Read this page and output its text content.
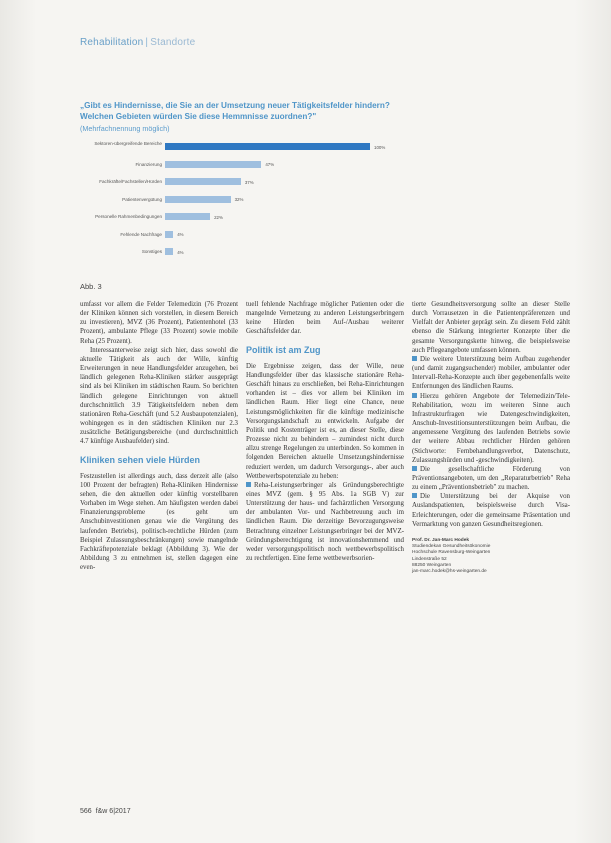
Rehabilitation | Standorte
„Gibt es Hindernisse, die Sie an der Umsetzung neuer Tätigkeitsfelder hindern? Welchen Gebieten würden Sie diese Hemmnisse zuordnen?"
(Mehrfachnennung möglich)
Sektoren-übergreifende Bereiche
100%
Finanzierung	47%
Fachkräfte/Fachstellen/Hürden	37%
Patientenvergütung	32%
Personelle Rahmenbedingungen	22%
Fehlende Nachfrage	4%
Sonstiges	4%
Abb. 3

umfasst vor allem die Felder Telemedizin (76 Prozent der Kliniken können sich vorstellen, in diesem Bereich zu investieren), MVZ (36 Prozent), Patientenhotel (33 Prozent), ambulante Pflege (33 Prozent) sowie mobile Reha (25 Prozent).

Interessanterweise zeigt sich hier, dass sowohl die aktuelle Tätigkeit als auch der Wille, künftig Erweiterungen in neue Handlungsfelder anzugehen, bei ländlich gelegenen Reha-Kliniken stärker ausgeprägt sind als bei Kliniken im städtischen Raum. So berichten ländlich gelegene Einrichtungen von aktuell durchschnittlich 3.9 Tätigkeitsfeldern neben dem stationären Reha-Geschäft (und 5.2 Ausbaupotenzialen), wohingegen es in den städtischen Kliniken nur 2.3 zusätzliche Betätigungsbereiche (und durchschnittlich 4.7 künftige Ausbaufelder) sind.

Kliniken sehen viele Hürden

Festzustellen ist allerdings auch, dass derzeit alle (also 100 Prozent der befragten) Reha-Kliniken Hindernisse sehen, die den aktuellen oder künftig vorstellbaren Vorhaben im Wege stehen. Am häufigsten werden dabei Finanzierungsprobleme (es geht um Anschubinvestitionen genau wie die Vergütung des laufenden Betriebs), politisch-rechtliche Hürden (zum Beispiel Zulassungsbeschränkungen) sowie mangelnde Fachkräftepotenziale beklagt (Abbildung 3). Wie der Abbildung 3 zu entnehmen ist, stellen dagegen eine even-

tuell fehlende Nachfrage möglicher Patienten oder die mangelnde Vernetzung zu anderen Leistungserbringern keine Hürden beim Auf-/Ausbau weiterer Geschäftsfelder dar.

Politik ist am Zug

Die Ergebnisse zeigen, dass der Wille, neue Handlungsfelder über das klassische stationäre Reha-Geschäft hinaus zu erschließen, bei Reha-Einrichtungen vorhanden ist – dies vor allem bei Kliniken im ländlichen Raum. Hier liegt eine Chance, neue Leistungsmöglichkeiten für die künftige medizinische Versorgungslandschaft zu entwickeln. Aufgabe der Politik und Kostenträger ist es, an dieser Stelle, diese Prozesse nicht zu behindern – zumindest nicht durch allzu strenge Regelungen zu unterbinden. So kommen in folgenden Bereichen aktuelle Umsetzungshindernisse reduziert werden, um dadurch Versorgungs-, aber auch Wettbewerbspotenziale zu heben:

Reha-Leistungserbringer als Gründungsberechtigte eines MVZ (gem. § 95 Abs. 1a SGB V) zur Unterstützung der haus- und fachärztlichen Versorgung der ambulanten Vor- und Nachbetreuung auch im ländlichen Raum. Die derzeitige Bevorzugungsweise Betrachtung einzelner Leistungserbringer bei der MVZ-Gründungsberechtigung ist innovationshemmend und weder versorgungspolitisch noch wettbewerbspolitisch zu rechtfertigen. Eine ferne wettbewerbsorien-

tierte Gesundheitsversorgung sollte an dieser Stelle durch Vorrausetzen in die Patientenpräferenzen und Vielfalt der Anbieter geprägt sein. Zu diesem Feld zählt ebenso die Stärkung integrierter Konzepte über die gesamte Versorgungskette hinweg, die beispielsweise auch Pflegeangebote umfassen können.

Die weitere Unterstützung beim Aufbau zugehender (und damit zugangsuchender) mobiler, ambulanter oder Intervall-Reha-Konzepte auch über gegebenenfalls weite Entfernungen des ländlichen Raums.

Hierzu gehören Angebote der Telemedizin/Tele-Rehabilitation, wozu im weiteren Sinne auch Infrastrukturfragen wie Datengeschwindigkeiten, Anschub-Investitionsunterstützungen beim Aufbau, die angemessene Vergütung des laufenden Betriebs sowie der weitere Abbau rechtlicher Hürden gehören (Stichworte: Fernbehandlungsverbot, Datenschutz, Zulassungshürden und -geschwindigkeiten).

Die gesellschaftliche Förderung von Präventionsangeboten, um den „Reparaturbetrieb" Reha zu einem „Präventionsbetrieb" zu machen.

Die Unterstützung bei der Akquise von Auslandspatienten, beispielsweise durch Visa-Erleichterungen, oder die gemeinsame Präsentation und Vermarktung von ganzen Gesundheitsregionen.

Prof. Dr. Jan-Marc Hodek
Studiendekan Gesundheitsökonomie
Hochschule Ravensburg-Weingarten
Lindenstraße 52
88250 Weingarten
jan-marc.hodek@hs-weingarten.de
566 f&w 6|2017
